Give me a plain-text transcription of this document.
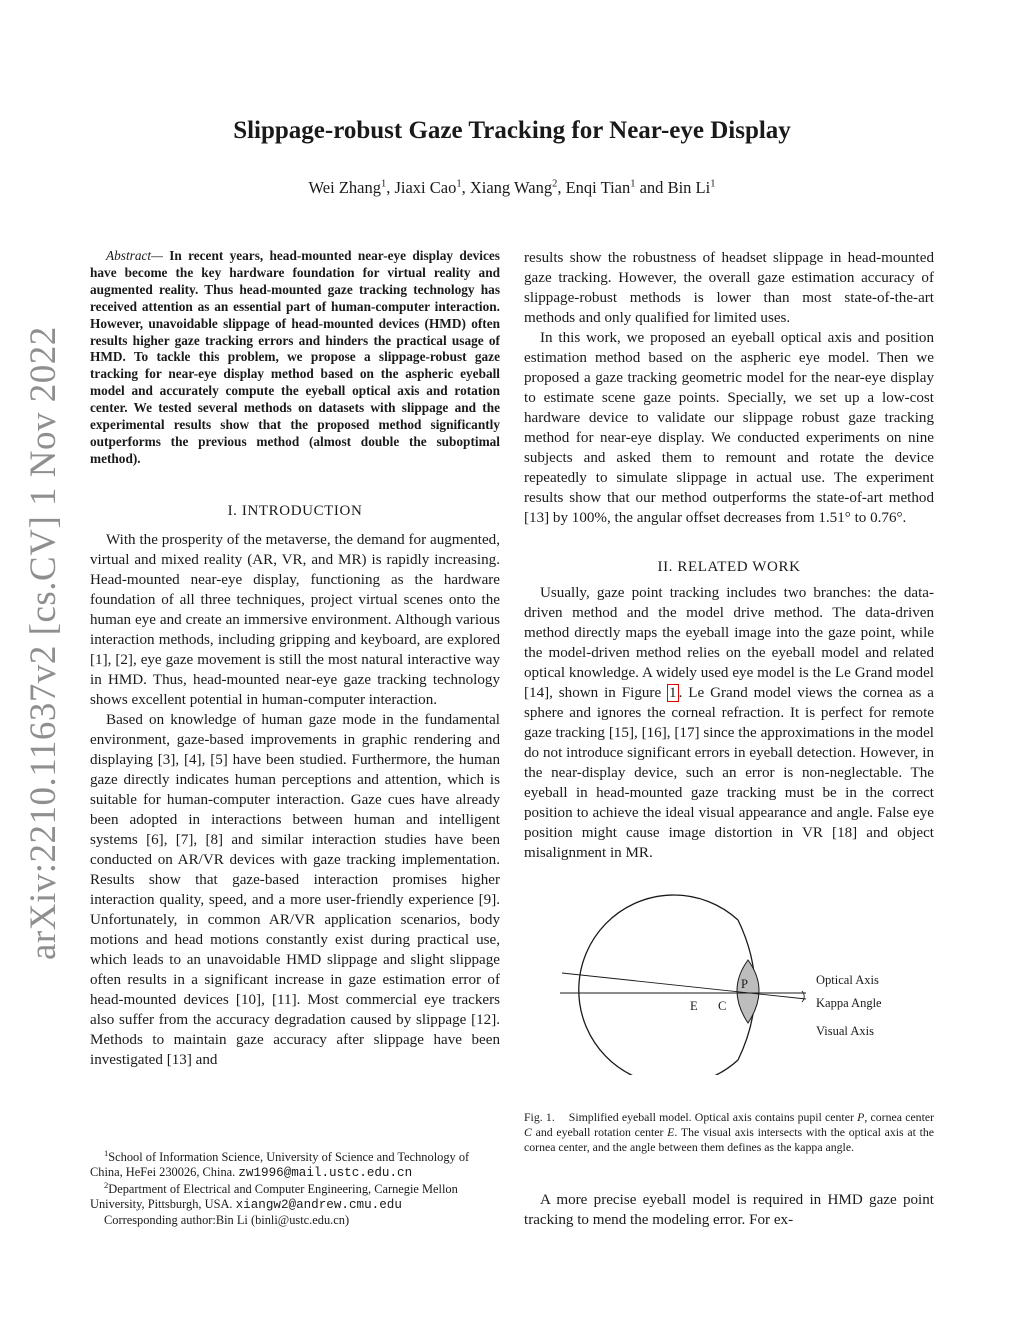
arXiv:2210.11637v2 [cs.CV] 1 Nov 2022
Slippage-robust Gaze Tracking for Near-eye Display
Wei Zhang$^1$, Jiaxi Cao$^1$, Xiang Wang$^2$, Enqi Tian$^1$ and Bin Li$^1$
Abstract— In recent years, head-mounted near-eye display devices have become the key hardware foundation for virtual reality and augmented reality. Thus head-mounted gaze tracking technology has received attention as an essential part of human-computer interaction. However, unavoidable slippage of head-mounted devices (HMD) often results higher gaze tracking errors and hinders the practical usage of HMD. To tackle this problem, we propose a slippage-robust gaze tracking for near-eye display method based on the aspheric eyeball model and accurately compute the eyeball optical axis and rotation center. We tested several methods on datasets with slippage and the experimental results show that the proposed method significantly outperforms the previous method (almost double the suboptimal method).
I. INTRODUCTION

With the prosperity of the metaverse, the demand for augmented, virtual and mixed reality (AR, VR, and MR) is rapidly increasing. Head-mounted near-eye display, functioning as the hardware foundation of all three techniques, project virtual scenes onto the human eye and create an immersive environment. Although various interaction methods, including gripping and keyboard, are explored [1], [2], eye gaze movement is still the most natural interactive way in HMD. Thus, head-mounted near-eye gaze tracking technology shows excellent potential in human-computer interaction.

Based on knowledge of human gaze mode in the fundamental environment, gaze-based improvements in graphic rendering and displaying [3], [4], [5] have been studied. Furthermore, the human gaze directly indicates human perceptions and attention, which is suitable for human-computer interaction. Gaze cues have already been adopted in interactions between human and intelligent systems [6], [7], [8] and similar interaction studies have been conducted on AR/VR devices with gaze tracking implementation. Results show that gaze-based interaction promises higher interaction quality, speed, and a more user-friendly experience [9]. Unfortunately, in common AR/VR application scenarios, body motions and head motions constantly exist during practical use, which leads to an unavoidable HMD slippage and slight slippage often results in a significant increase in gaze estimation error of head-mounted devices [10], [11]. Most commercial eye trackers also suffer from the accuracy degradation caused by slippage [12]. Methods to maintain gaze accuracy after slippage have been investigated [13] and

$^1$School of Information Science, University of Science and Technology of China, HeFei 230026, China. zw1996@mail.ustc.edu.cn

$^2$Department of Electrical and Computer Engineering, Carnegie Mellon University, Pittsburgh, USA. xiangw2@andrew.cmu.edu

Corresponding author:Bin Li (binli@ustc.edu.cn)

results show the robustness of headset slippage in head-mounted gaze tracking. However, the overall gaze estimation accuracy of slippage-robust methods is lower than most state-of-the-art methods and only qualified for limited uses.

In this work, we proposed an eyeball optical axis and position estimation method based on the aspheric eye model. Then we proposed a gaze tracking geometric model for the near-eye display to estimate scene gaze points. Specially, we set up a low-cost hardware device to validate our slippage robust gaze tracking method for near-eye display. We conducted experiments on nine subjects and asked them to remount and rotate the device repeatedly to simulate slippage in actual use. The experiment results show that our method outperforms the state-of-art method [13] by 100%, the angular offset decreases from 1.51° to 0.76°.

II. RELATED WORK

Usually, gaze point tracking includes two branches: the data-driven method and the model drive method. The data-driven method directly maps the eyeball image into the gaze point, while the model-driven method relies on the eyeball model and related optical knowledge. A widely used eye model is the Le Grand model [14], shown in Figure 1 . Le Grand model views the cornea as a sphere and ignores the corneal refraction. It is perfect for remote gaze tracking [15], [16], [17] since the approximations in the model do not introduce significant errors in eyeball detection. However, in the near-display device, such an error is non-neglectable. The eyeball in head-mounted gaze tracking must be in the correct position to achieve the ideal visual appearance and angle. False eye position might cause image distortion in VR [18] and object misalignment in MR.

P
E C
Optical Axis
Kappa Angle
Visual Axis
Fig. 1. Simplified eyeball model. Optical axis contains pupil center P, cornea center C and eyeball rotation center E. The visual axis intersects with the optical axis at the cornea center, and the angle between them defines as the kappa angle.

A more precise eyeball model is required in HMD gaze point tracking to mend the modeling error. For ex-
